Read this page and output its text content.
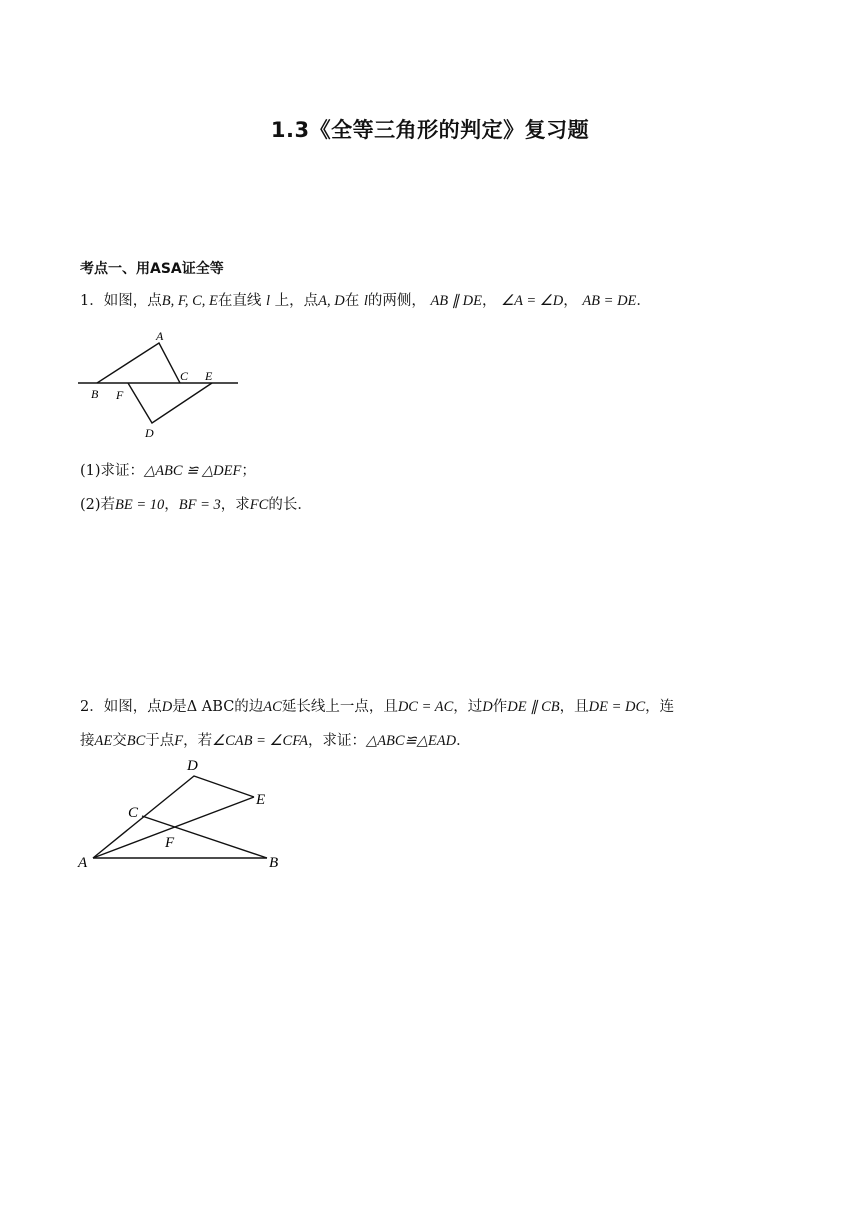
1.3《全等三角形的判定》复习题
考点一、用ASA证全等
1．如图，点B, F, C, E在直线 l 上，点A, D在 l的两侧， AB ∥ DE， ∠A = ∠D， AB = DE．
A
B
C E
F
D
(1)求证：△ABC ≌ △DEF；
(2)若BE = 10，BF = 3，求FC的长．
2．如图，点D是Δ ABC的边AC延长线上一点，且DC = AC，过D作DE ∥ CB，且DE = DC，连
接AE交BC于点F，若∠CAB = ∠CFA，求证：△ABC≌△EAD．
A	B
C
D
E
F
